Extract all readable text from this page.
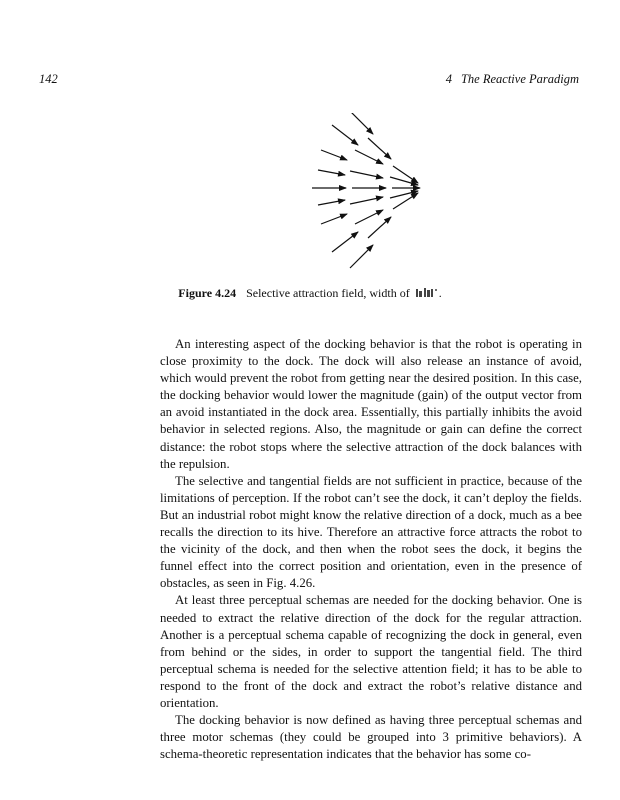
142	4 The Reactive Paradigm
Figure 4.24 Selective attraction field, width of .

An interesting aspect of the docking behavior is that the robot is operating in close proximity to the dock. The dock will also release an instance of avoid, which would prevent the robot from getting near the desired position. In this case, the docking behavior would lower the magnitude (gain) of the output vector from an avoid instantiated in the dock area. Essentially, this partially inhibits the avoid behavior in selected regions. Also, the magnitude or gain can define the correct distance: the robot stops where the selective attraction of the dock balances with the repulsion.

The selective and tangential fields are not sufficient in practice, because of the limitations of perception. If the robot can’t see the dock, it can’t deploy the fields. But an industrial robot might know the relative direction of a dock, much as a bee recalls the direction to its hive. Therefore an attractive force attracts the robot to the vicinity of the dock, and then when the robot sees the dock, it begins the funnel effect into the correct position and orientation, even in the presence of obstacles, as seen in Fig. 4.26.

At least three perceptual schemas are needed for the docking behavior. One is needed to extract the relative direction of the dock for the regular attraction. Another is a perceptual schema capable of recognizing the dock in general, even from behind or the sides, in order to support the tangential field. The third perceptual schema is needed for the selective attention field; it has to be able to respond to the front of the dock and extract the robot’s relative distance and orientation.

The docking behavior is now defined as having three perceptual schemas and three motor schemas (they could be grouped into 3 primitive behaviors). A schema-theoretic representation indicates that the behavior has some co-
